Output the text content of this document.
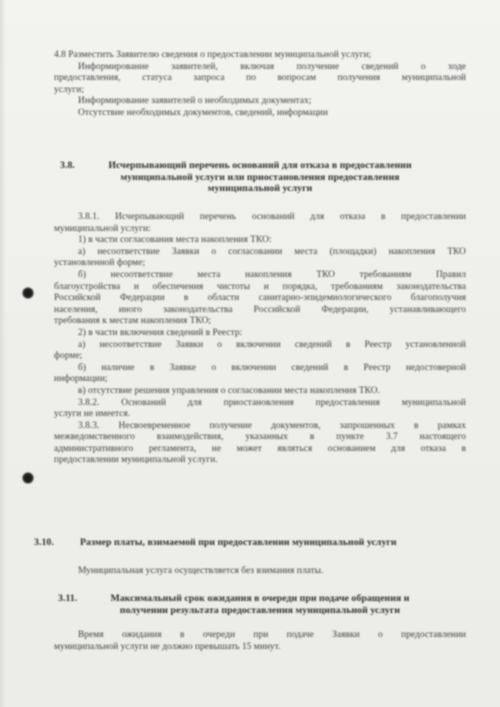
4.8 Разместить Заявителю сведения о предоставлении муниципальной услуги;
Информирование заявителей, включая получение сведений о ходе
предоставления, статуса запроса по вопросам получения муниципальной
услуги;
Информирование заявителей о необходимых документах;
Отсутствие необходимых документов, сведений, информации
3.8.	Исчерпывающий перечень оснований для отказа в предоставлении
муниципальной услуги или приостановления предоставления
муниципальной услуги
3.8.1. Исчерпывающий перечень оснований для отказа в предоставлении
муниципальной услуги:
1) в части согласования места накопления ТКО:
а) несоответствие Заявки о согласовании места (площадки) накопления ТКО
установленной форме;
б) несоответствие места накопления ТКО требованиям Правил
благоустройства и обеспечения чистоты и порядка, требованиям законодательства
Российской Федерации в области санитарно-эпидемиологического благополучия
населения, иного законодательства Российской Федерации, устанавливающего
требования к местам накопления ТКО;
2) в части включения сведений в Реестр:
а) несоответствие Заявки о включении сведений в Реестр установленной
форме;
б) наличие в Заявке о включении сведений в Реестр недостоверной
информации;
в) отсутствие решения управления о согласовании места накопления ТКО.
3.8.2. Оснований для приостановления предоставления муниципальной
услуги не имеется.
3.8.3. Несвоевременное получение документов, запрошенных в рамках
межведомственного взаимодействия, указанных в пункте 3.7 настоящего
административного регламента, не может являться основанием для отказа в
предоставлении муниципальной услуги.
3.10.	Размер платы, взимаемой при предоставлении муниципальной услуги
Муниципальная услуга осуществляется без взимания платы.
3.11.	Максимальный срок ожидания в очереди при подаче обращения и
получении результата предоставления муниципальной услуги
Время ожидания в очереди при подаче Заявки о предоставлении
муниципальной услуги не должно превышать 15 минут.
